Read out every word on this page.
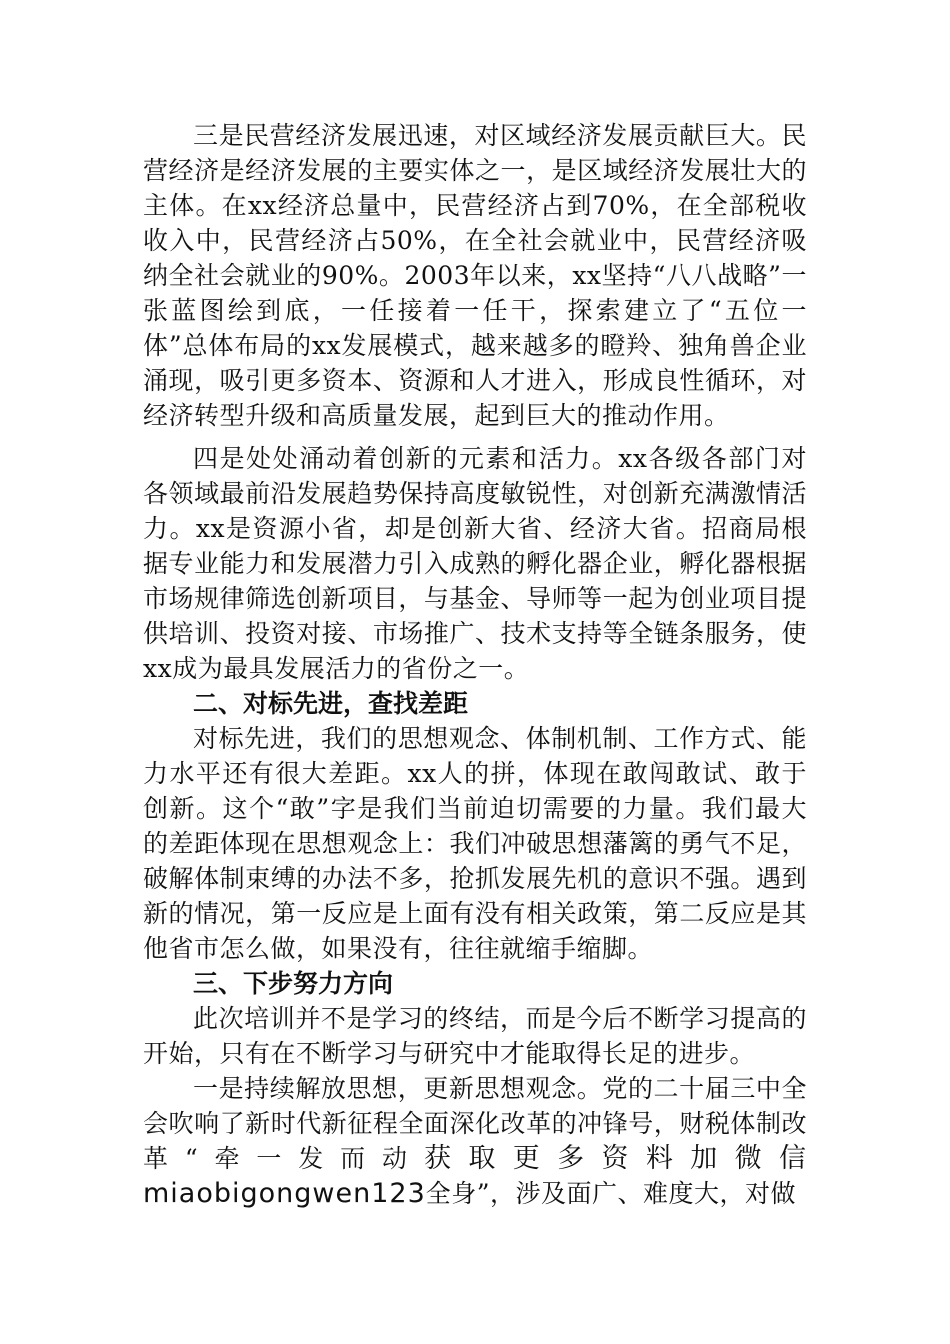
三是民营经济发展迅速，对区域经济发展贡献巨大。民营经济是经济发展的主要实体之一，是区域经济发展壮大的主体。在xx经济总量中，民营经济占到70%，在全部税收收入中，民营经济占50%，在全社会就业中，民营经济吸纳全社会就业的90%。2003年以来，xx坚持“八八战略”一张蓝图绘到底，一任接着一任干，探索建立了“五位一体”总体布局的xx发展模式，越来越多的瞪羚、独角兽企业涌现，吸引更多资本、资源和人才进入，形成良性循环，对经济转型升级和高质量发展，起到巨大的推动作用。

四是处处涌动着创新的元素和活力。xx各级各部门对各领域最前沿发展趋势保持高度敏锐性，对创新充满激情活力。xx是资源小省，却是创新大省、经济大省。招商局根据专业能力和发展潜力引入成熟的孵化器企业，孵化器根据市场规律筛选创新项目，与基金、导师等一起为创业项目提供培训、投资对接、市场推广、技术支持等全链条服务，使xx成为最具发展活力的省份之一。

二、对标先进，查找差距

对标先进，我们的思想观念、体制机制、工作方式、能力水平还有很大差距。xx人的拼，体现在敢闯敢试、敢于创新。这个“敢”字是我们当前迫切需要的力量。我们最大的差距体现在思想观念上：我们冲破思想藩篱的勇气不足，破解体制束缚的办法不多，抢抓发展先机的意识不强。遇到新的情况，第一反应是上面有没有相关政策，第二反应是其他省市怎么做，如果没有，往往就缩手缩脚。

三、下步努力方向

此次培训并不是学习的终结，而是今后不断学习提高的开始，只有在不断学习与研究中才能取得长足的进步。

一是持续解放思想，更新思想观念。党的二十届三中全会吹响了新时代新征程全面深化改革的冲锋号，财税体制改革“牵一发而动获取更多资料加微信miaobigongwen123全身”，涉及面广、难度大，对做
